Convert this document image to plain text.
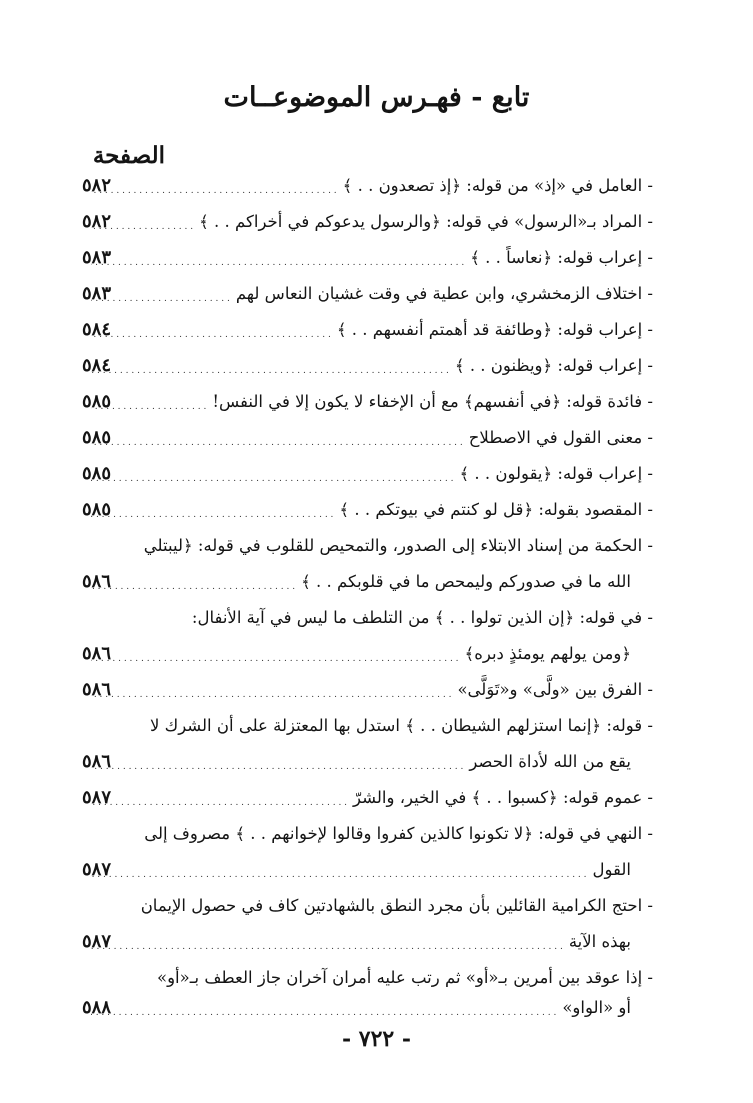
تابع - فهـرس الموضوعــات
الصفحة
- العامل في «إذ» من قوله: ﴿إذ تصعدون . . ﴾
. . .
٥٨٢
- المراد بـ«الرسول» في قوله: ﴿والرسول يدعوكم في أخراكم . . ﴾
. . .
٥٨٢
- إعراب قوله: ﴿نعاساً . . ﴾
. . .
٥٨٣
- اختلاف الزمخشري، وابن عطية في وقت غشيان النعاس لهم
. . .
٥٨٣
- إعراب قوله: ﴿وطائفة قد أهمتم أنفسهم . . ﴾
. . .
٥٨٤
- إعراب قوله: ﴿ويظنون . . ﴾
. . .
٥٨٤
- فائدة قوله: ﴿في أنفسهم﴾ مع أن الإخفاء لا يكون إلا في النفس!
. . .
٥٨٥
- معنى القول في الاصطلاح
. . .
٥٨٥
- إعراب قوله: ﴿يقولون . . ﴾
. . .
٥٨٥
- المقصود بقوله: ﴿قل لو كنتم في بيوتكم . . ﴾
. . .
٥٨٥
- الحكمة من إسناد الابتلاء إلى الصدور، والتمحيص للقلوب في قوله: ﴿ليبتلي
الله ما في صدوركم وليمحص ما في قلوبكم . . ﴾
. . .
٥٨٦
- في قوله: ﴿إن الذين تولوا . . ﴾ من التلطف ما ليس في آية الأنفال:
﴿ومن يولهم يومئذٍ دبره﴾
. . .
٥٨٦
- الفرق بين «ولَّى» و«تَوَلَّى»
. . .
٥٨٦
- قوله: ﴿إنما استزلهم الشيطان . . ﴾ استدل بها المعتزلة على أن الشرك لا
يقع من الله لأداة الحصر
. . .
٥٨٦
- عموم قوله: ﴿كسبوا . . ﴾ في الخير، والشرّ
. . .
٥٨٧
- النهي في قوله: ﴿لا تكونوا كالذين كفروا وقالوا لإخوانهم . . ﴾ مصروف إلى
القول
. . .
٥٨٧
- احتج الكرامية القائلين بأن مجرد النطق بالشهادتين كاف في حصول الإيمان
بهذه الآية
. . .
٥٨٧
- إذا عوقد بين أمرين بـ«أو» ثم رتب عليه أمران آخران جاز العطف بـ«أو»
أو «الواو»
. . .
٥٨٨
- ٧٢٢ -
